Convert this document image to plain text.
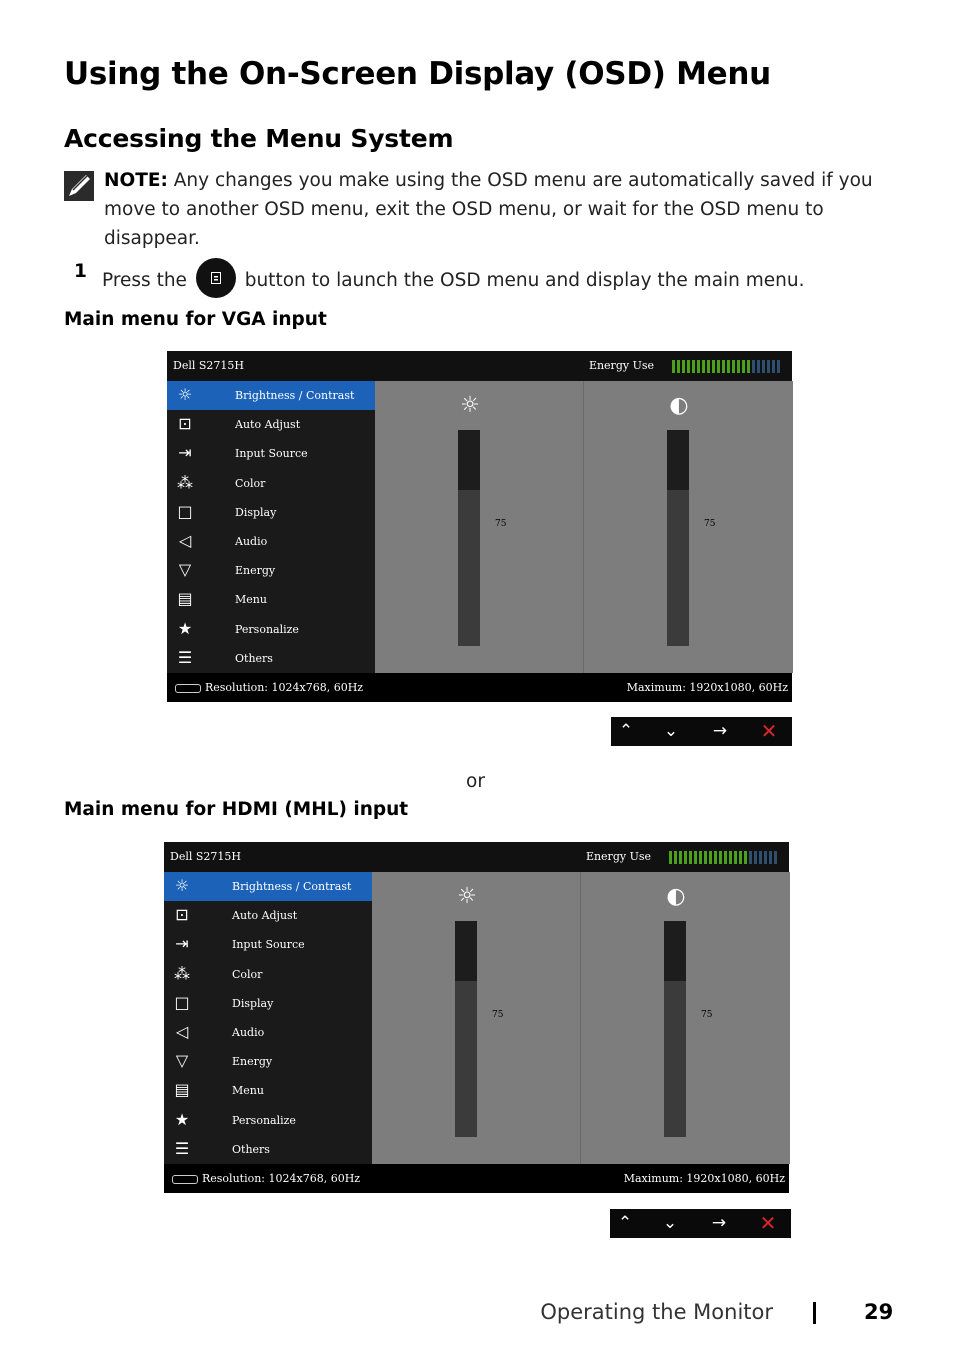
Using the On-Screen Display (OSD) Menu
Accessing the Menu System
NOTE: Any changes you make using the OSD menu are automatically saved if you move to another OSD menu, exit the OSD menu, or wait for the OSD menu to disappear.
1 Press the	button to launch the OSD menu and display the main menu.
Main menu for VGA input
Dell S2715H	Energy Use
☼	Brightness / Contrast
⊡	Auto Adjust
⇥	Input Source
⁂	Color
□	Display
◁	Audio
▽	Energy
▤	Menu
★	Personalize
☰	Others
☼
75
◐
75
Resolution: 1024x768, 60Hz	Maximum: 1920x1080, 60Hz
⌃ ⌄ → ✕
or
Main menu for HDMI (MHL) input
Dell S2715H	Energy Use
☼	Brightness / Contrast
⊡	Auto Adjust
⇥	Input Source
⁂	Color
□	Display
◁	Audio
▽	Energy
▤	Menu
★	Personalize
☰	Others
☼
75
◐
75
Resolution: 1024x768, 60Hz	Maximum: 1920x1080, 60Hz
⌃ ⌄ → ✕
Operating the Monitor	29
